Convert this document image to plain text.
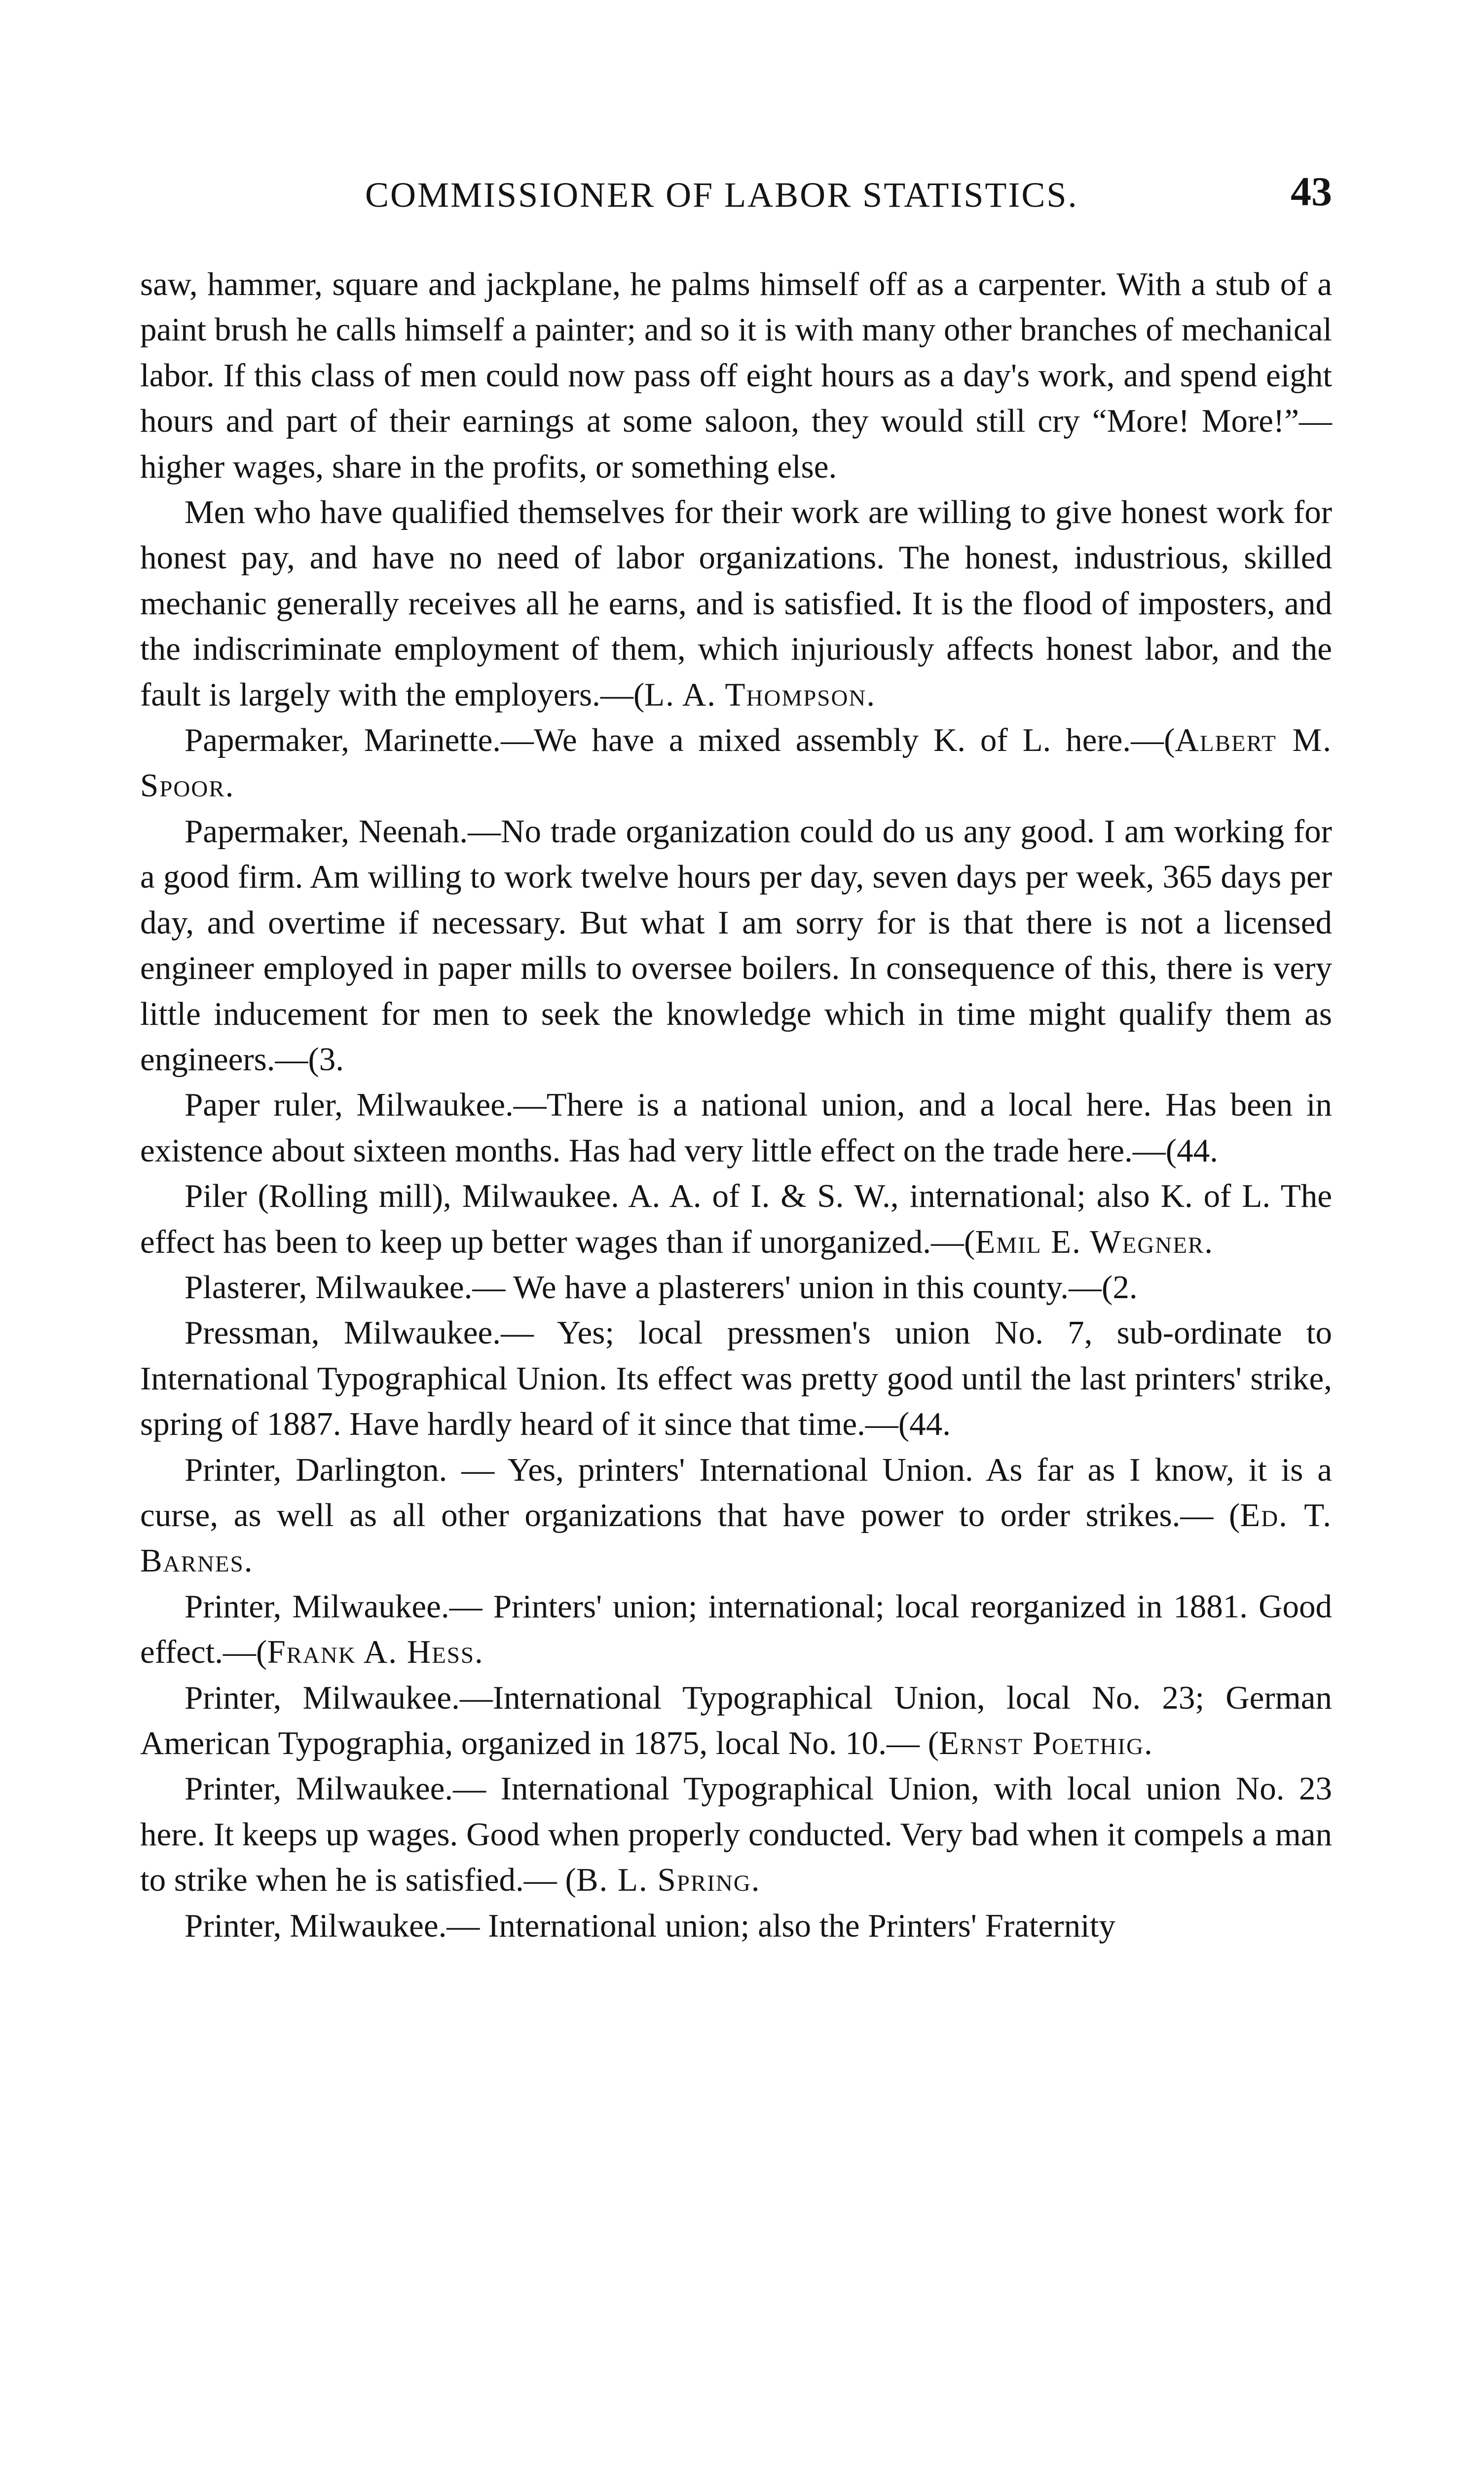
COMMISSIONER OF LABOR STATISTICS.	43

saw, hammer, square and jackplane, he palms himself off as a carpenter. With a stub of a paint brush he calls himself a painter; and so it is with many other branches of mechanical labor. If this class of men could now pass off eight hours as a day's work, and spend eight hours and part of their earnings at some saloon, they would still cry “More! More!”— higher wages, share in the profits, or something else.

Men who have qualified themselves for their work are willing to give honest work for honest pay, and have no need of labor organizations. The honest, industrious, skilled mechanic generally receives all he earns, and is satisfied. It is the flood of imposters, and the indiscriminate employment of them, which injuriously affects honest labor, and the fault is largely with the employers.—(L. A. Thompson.

Papermaker, Marinette.—We have a mixed assembly K. of L. here.—(Albert M. Spoor.

Papermaker, Neenah.—No trade organization could do us any good. I am working for a good firm. Am willing to work twelve hours per day, seven days per week, 365 days per day, and overtime if necessary. But what I am sorry for is that there is not a licensed engineer employed in paper mills to oversee boilers. In consequence of this, there is very little inducement for men to seek the knowledge which in time might qualify them as engineers.—(3.

Paper ruler, Milwaukee.—There is a national union, and a local here. Has been in existence about sixteen months. Has had very little effect on the trade here.—(44.

Piler (Rolling mill), Milwaukee. A. A. of I. & S. W., international; also K. of L. The effect has been to keep up better wages than if unorganized.—(Emil E. Wegner.

Plasterer, Milwaukee.— We have a plasterers' union in this county.—(2.

Pressman, Milwaukee.— Yes; local pressmen's union No. 7, sub-ordinate to International Typographical Union. Its effect was pretty good until the last printers' strike, spring of 1887. Have hardly heard of it since that time.—(44.

Printer, Darlington. — Yes, printers' International Union. As far as I know, it is a curse, as well as all other organizations that have power to order strikes.— (Ed. T. Barnes.

Printer, Milwaukee.— Printers' union; international; local reorganized in 1881. Good effect.—(Frank A. Hess.

Printer, Milwaukee.—International Typographical Union, local No. 23; German American Typographia, organized in 1875, local No. 10.— (Ernst Poethig.

Printer, Milwaukee.— International Typographical Union, with local union No. 23 here. It keeps up wages. Good when properly conducted. Very bad when it compels a man to strike when he is satisfied.— (B. L. Spring.

Printer, Milwaukee.— International union; also the Printers' Fraternity
